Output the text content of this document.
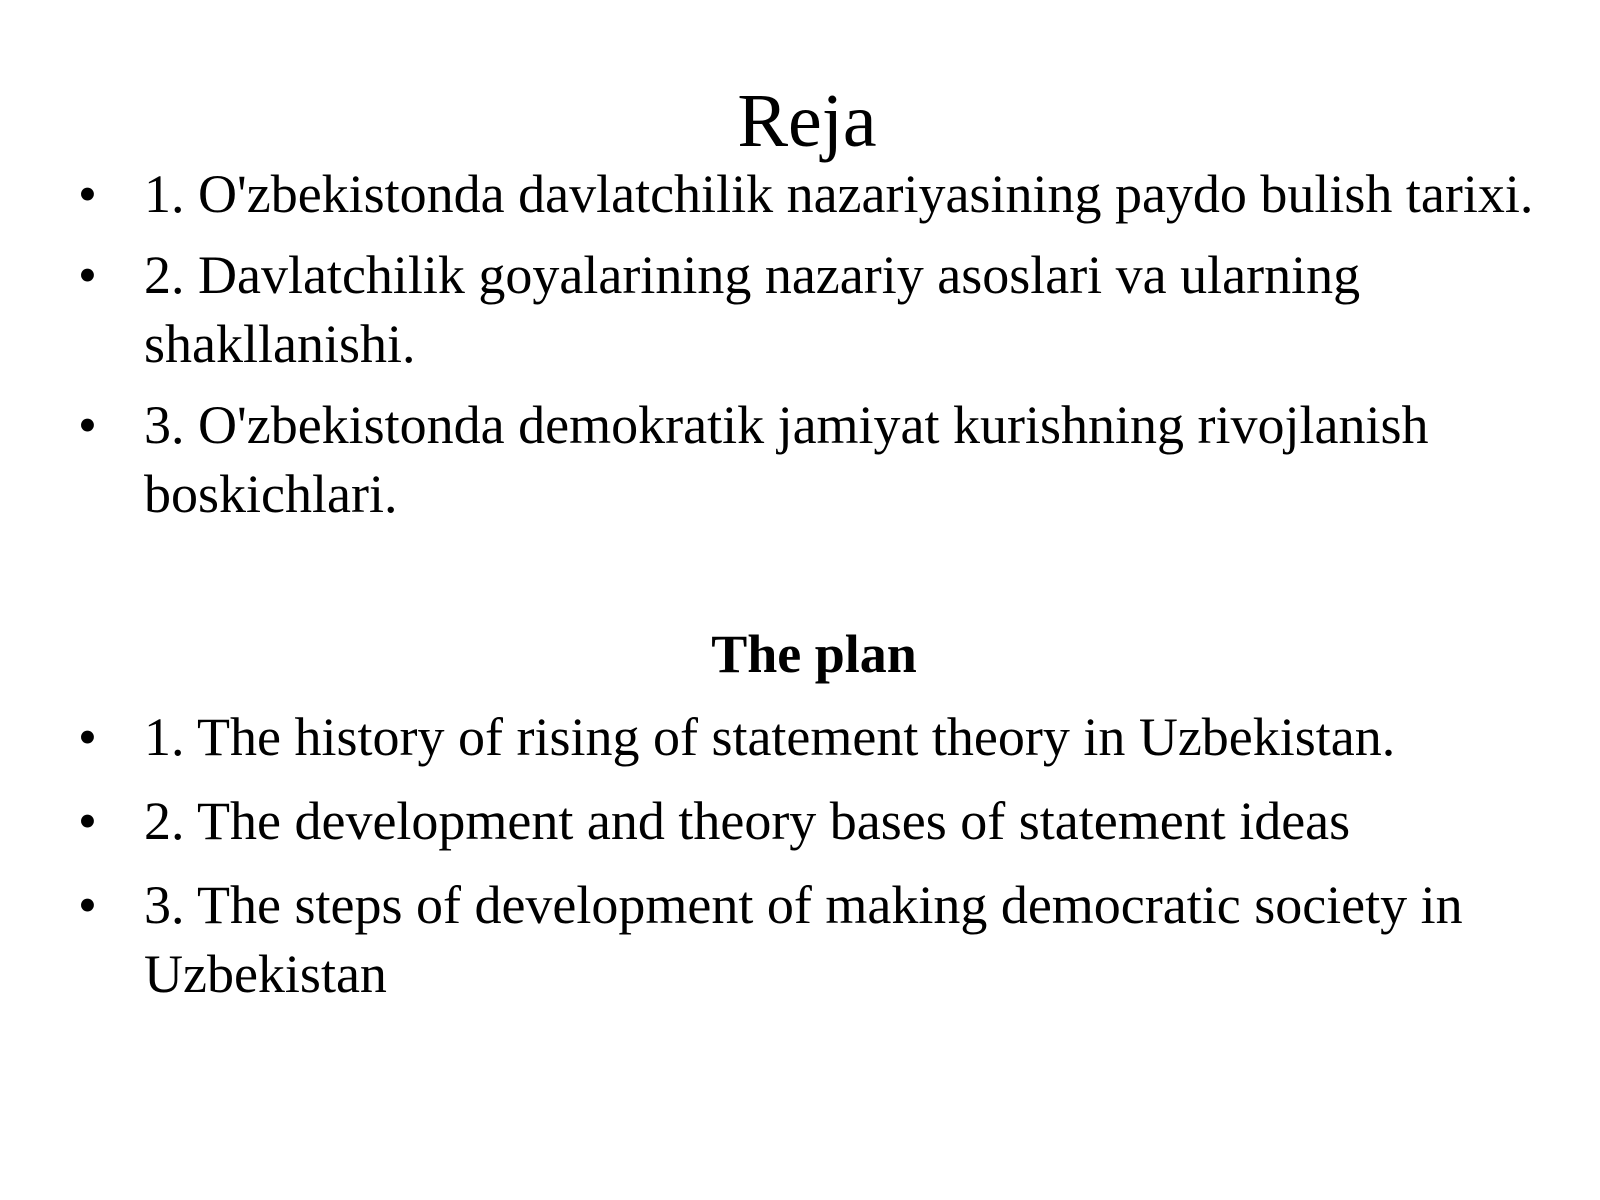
Reja
• 1. O'zbekistonda davlatchilik nazariyasining paydo bulish tarixi.
• 2. Davlatchilik goyalarining nazariy asoslari va ularning shakllanishi.
• 3. O'zbekistonda demokratik jamiyat kurishning rivojlanish boskichlari.
The plan
• 1. The history of rising of statement theory in Uzbekistan.
• 2. The development and theory bases of statement ideas
• 3. The steps of development of making democratic society in Uzbekistan
